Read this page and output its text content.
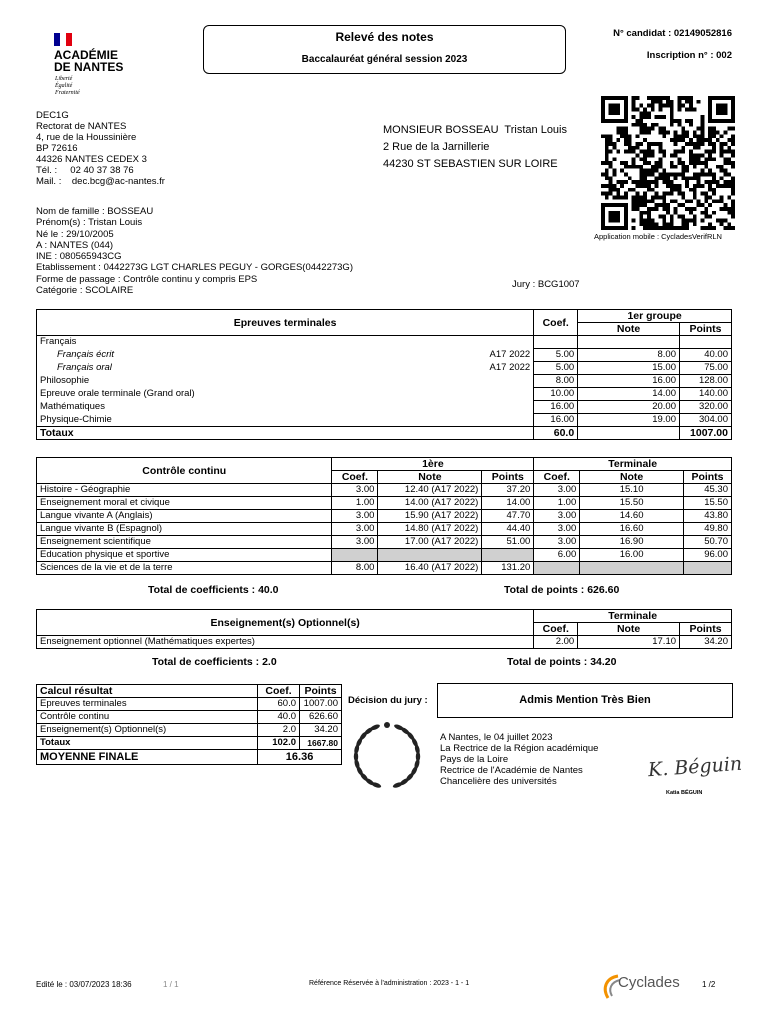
ACADÉMIE
DE NANTES
Liberté
Égalité
Fraternité
Relevé des notes
Baccalauréat général session 2023
N° candidat : 02149052816
Inscription n° : 002
DEC1G
Rectorat de NANTES
4, rue de la Houssinière
BP 72616
44326 NANTES CEDEX 3
Tél. :     02 40 37 38 76
Mail. :    dec.bcg@ac-nantes.fr
MONSIEUR BOSSEAU  Tristan Louis
2 Rue de la Jarnillerie
44230 ST SEBASTIEN SUR LOIRE
Application mobile : CycladesVerifRLN
Nom de famille : BOSSEAU
Prénom(s) : Tristan Louis
Né le : 29/10/2005
A : NANTES (044)
INE : 080565943CG
Etablissement : 0442273G LGT CHARLES PEGUY - GORGES(0442273G)
Forme de passage : Contrôle continu y compris EPS
Catégorie : SCOLAIRE
Jury : BCG1007
Epreuves terminales		Coef.	1er groupe	
			Note	Points
Français				
Français écrit	A17 2022	5.00	8.00	40.00
Français oral	A17 2022	5.00	15.00	75.00
Philosophie		8.00	16.00	128.00
Epreuve orale terminale (Grand oral)		10.00	14.00	140.00
Mathématiques		16.00	20.00	320.00
Physique-Chimie		16.00	19.00	304.00
Totaux		60.0		1007.00
Contrôle continu	1ère			Terminale		
	Coef.	Note	Points	Coef.	Note	Points
Histoire - Géographie	3.00	12.40 (A17 2022)	37.20	3.00	15.10	45.30
Enseignement moral et civique	1.00	14.00 (A17 2022)	14.00	1.00	15.50	15.50
Langue vivante A (Anglais)	3.00	15.90 (A17 2022)	47.70	3.00	14.60	43.80
Langue vivante B (Espagnol)	3.00	14.80 (A17 2022)	44.40	3.00	16.60	49.80
Enseignement scientifique	3.00	17.00 (A17 2022)	51.00	3.00	16.90	50.70
Education physique et sportive				6.00	16.00	96.00
Sciences de la vie et de la terre	8.00	16.40 (A17 2022)	131.20			
Total de coefficients : 40.0	Total de points : 626.60
Enseignement(s) Optionnel(s)	Terminale		
	Coef.	Note	Points
Enseignement optionnel (Mathématiques expertes)	2.00	17.10	34.20
Total de coefficients : 2.0	Total de points : 34.20
Calcul résultat	Coef.	Points
Epreuves terminales	60.0	1007.00
Contrôle continu	40.0	626.60
Enseignement(s) Optionnel(s)	2.0	34.20
Totaux	102.0	1667.80
MOYENNE FINALE	16.36	
Décision du jury :	Admis Mention Très Bien
A Nantes, le 04 juillet 2023
La Rectrice de la Région académique
Pays de la Loire
Rectrice de l'Académie de Nantes
Chancelière des universités
K. Béguin
Katia BÉGUIN
Edité le : 03/07/2023 18:36	1 / 1	Référence Réservée à l'administration : 2023 - 1 - 1	Cyclades	1 /2
